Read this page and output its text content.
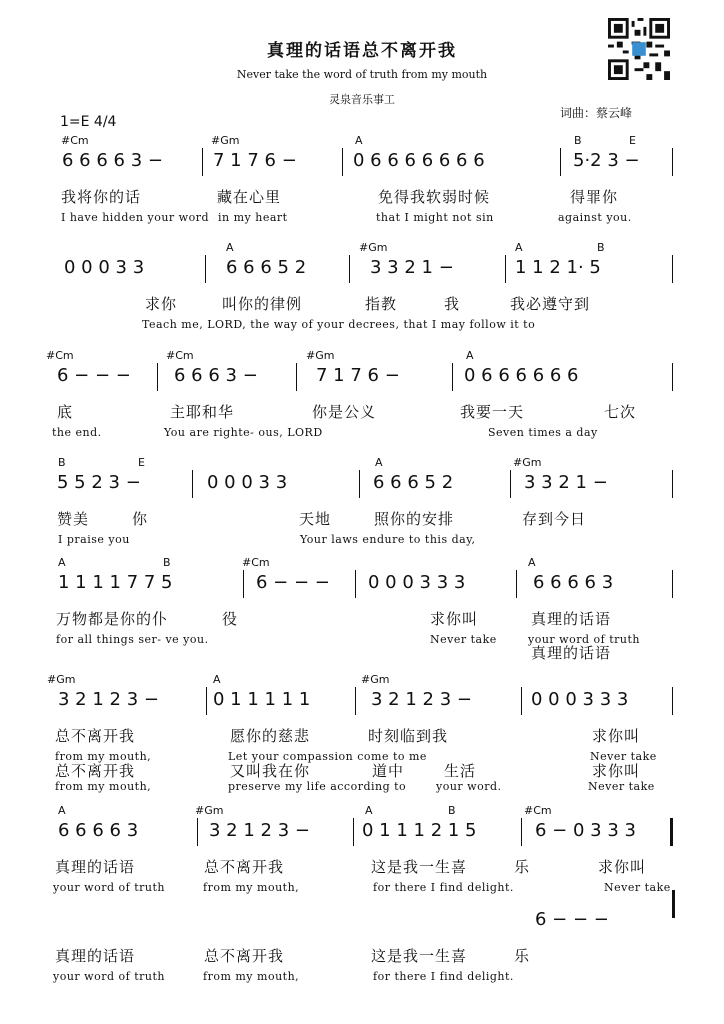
真理的话语总不离开我
Never take the word of truth from my mouth
灵泉音乐事工
词曲：蔡云峰
1=E 4/4
#Cm	#Gm	A	B	E
6 6 6 6 3 −	7 1 7 6 −	0 6 6 6 6 6 6 6	5·2 3 −
我将你的话	藏在心里	免得我软弱时候	得罪你
I have hidden your word in my heart	that I might not sin	against you.
A	#Gm	A	B
0 0 0 3 3	6 6 6 5 2	3 3 2 1 −	1 1 2 1· 5
求你	叫你的律例	指教	我	我必遵守到
Teach me, LORD, the way of your decrees, that I may follow it to
#Cm	#Cm	#Gm	A
6 − − − 6 6 6 3 −	7 1 7 6 −	0 6 6 6 6 6 6
底	主耶和华	你是公义	我要一天	七次
the end.	You are righte- ous, LORD	Seven times a day
B	E	A	#Gm
5 5 2 3 −	0 0 0 3 3	6 6 6 5 2	3 3 2 1 −
赞美	你	天地	照你的安排	存到今日
I praise you	Your laws endure to this day,
A	B	#Cm	A
1 1 1 1 7 7 5	6 − − − 0 0 0 3 3 3	6 6 6 6 3
万物都是你的仆	役	求你叫	真理的话语
for all things ser- ve you.	Never take	your word of truth
真理的话语
#Gm	A	#Gm
3 2 1 2 3 −	0 1 1 1 1 1	3 2 1 2 3 −	0 0 0 3 3 3
总不离开我	愿你的慈悲	时刻临到我	求你叫
from my mouth,	Let your compassion come to me	Never take
总不离开我	又叫我在你	道中	生活	求你叫
from my mouth,	preserve my life according to	your word.	Never take
A	#Gm	A	B	#Cm
6 6 6 6 3	3 2 1 2 3 −	0 1 1 1 2 1 5	6 − 0 3 3 3
真理的话语	总不离开我	这是我一生喜	乐	求你叫
your word of truth	from my mouth,	for there I find delight.	Never take
6 − − −
真理的话语	总不离开我	这是我一生喜	乐
your word of truth	from my mouth,	for there I find delight.
